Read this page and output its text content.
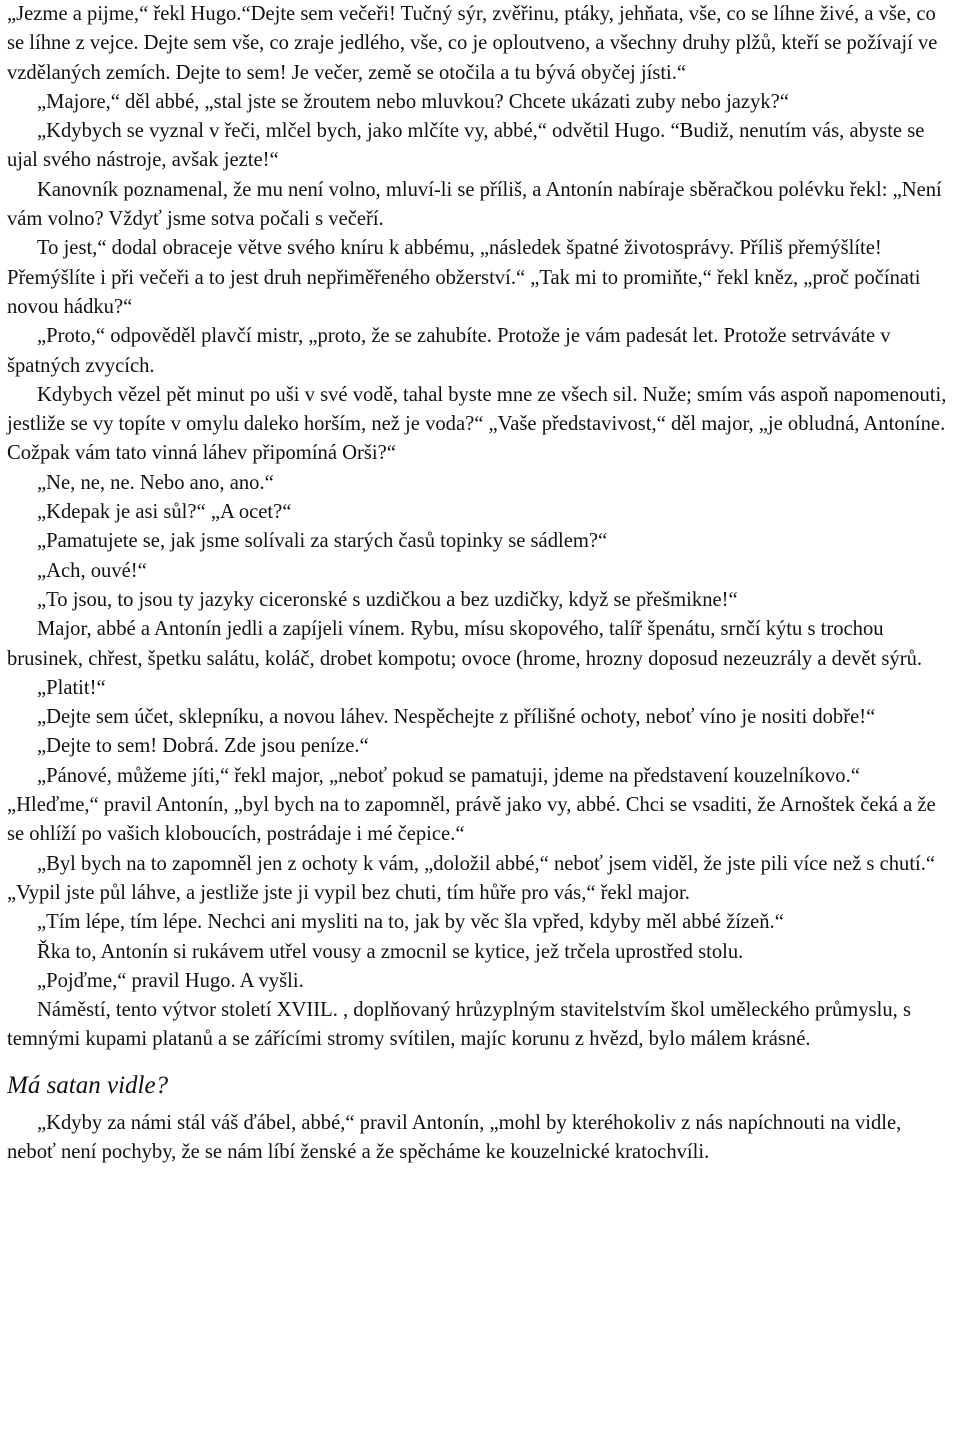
„Jezme a pijme,“ řekl Hugo.“Dejte sem večeři! Tučný sýr, zvěřinu, ptáky, jehňata, vše, co se líhne živé, a vše, co se líhne z vejce. Dejte sem vše, co zraje jedlého, vše, co je oploutveno, a všechny druhy plžů, kteří se požívají ve vzdělaných zemích. Dejte to sem! Je večer, země se otočila a tu bývá obyčej jísti.“

„Majore,“ děl abbé, „stal jste se žroutem nebo mluvkou? Chcete ukázati zuby nebo jazyk?“

„Kdybych se vyznal v řeči, mlčel bych, jako mlčíte vy, abbé,“ odvětil Hugo. “Budiž, nenutím vás, abyste se ujal svého nástroje, avšak jezte!“

Kanovník poznamenal, že mu není volno, mluví-li se příliš, a Antonín nabíraje sběračkou polévku řekl: „Není vám volno? Vždyť jsme sotva počali s večeří.

To jest,“ dodal obraceje větve svého kníru k abbému, „následek špatné životosprávy. Příliš přemýšlíte! Přemýšlíte i při večeři a to jest druh nepřiměřeného obžerství.“ „Tak mi to promiňte,“ řekl kněz, „proč počínati novou hádku?“

„Proto,“ odpověděl plavčí mistr, „proto, že se zahubíte. Protože je vám padesát let. Protože setrváváte v špatných zvycích.

Kdybych vězel pět minut po uši v své vodě, tahal byste mne ze všech sil. Nuže; smím vás aspoň napomenouti, jestliže se vy topíte v omylu daleko horším, než je voda?“ „Vaše představivost,“ děl major, „je obludná, Antoníne. Cožpak vám tato vinná láhev připomíná Orši?“

„Ne, ne, ne. Nebo ano, ano.“

„Kdepak je asi sůl?“ „A ocet?“

„Pamatujete se, jak jsme solívali za starých časů topinky se sádlem?“

„Ach, ouvé!“

„To jsou, to jsou ty jazyky ciceronské s uzdičkou a bez uzdičky, když se přešmikne!“

Major, abbé a Antonín jedli a zapíjeli vínem. Rybu, mísu skopového, talíř špenátu, srnčí kýtu s trochou brusinek, chřest, špetku salátu, koláč, drobet kompotu; ovoce (hrome, hrozny doposud nezeuzrály a devět sýrů.

„Platit!“

„Dejte sem účet, sklepníku, a novou láhev. Nespěchejte z přílišné ochoty, neboť víno je nositi dobře!“

„Dejte to sem! Dobrá. Zde jsou peníze.“

„Pánové, můžeme jíti,“ řekl major, „neboť pokud se pamatuji, jdeme na představení kouzelníkovo.“ „Hleďme,“ pravil Antonín, „byl bych na to zapomněl, právě jako vy, abbé. Chci se vsaditi, že Arnoštek čeká a že se ohlíží po vašich kloboucích, postrádaje i mé čepice.“

„Byl bych na to zapomněl jen z ochoty k vám, „doložil abbé,“ neboť jsem viděl, že jste pili více než s chutí.“ „Vypil jste půl láhve, a jestliže jste ji vypil bez chuti, tím hůře pro vás,“ řekl major.

„Tím lépe, tím lépe. Nechci ani mysliti na to, jak by věc šla vpřed, kdyby měl abbé žízeň.“

Řka to, Antonín si rukávem utřel vousy a zmocnil se kytice, jež trčela uprostřed stolu.

„Pojďme,“ pravil Hugo. A vyšli.

Náměstí, tento výtvor století XVIIL. , doplňovaný hrůzyplným stavitelstvím škol uměleckého průmyslu, s temnými kupami platanů a se zářícími stromy svítilen, majíc korunu z hvězd, bylo málem krásné.

Má satan vidle?

„Kdyby za námi stál váš ďábel, abbé,“ pravil Antonín, „mohl by kteréhokoliv z nás napíchnouti na vidle, neboť není pochyby, že se nám líbí ženské a že spěcháme ke kouzelnické kratochvíli.
